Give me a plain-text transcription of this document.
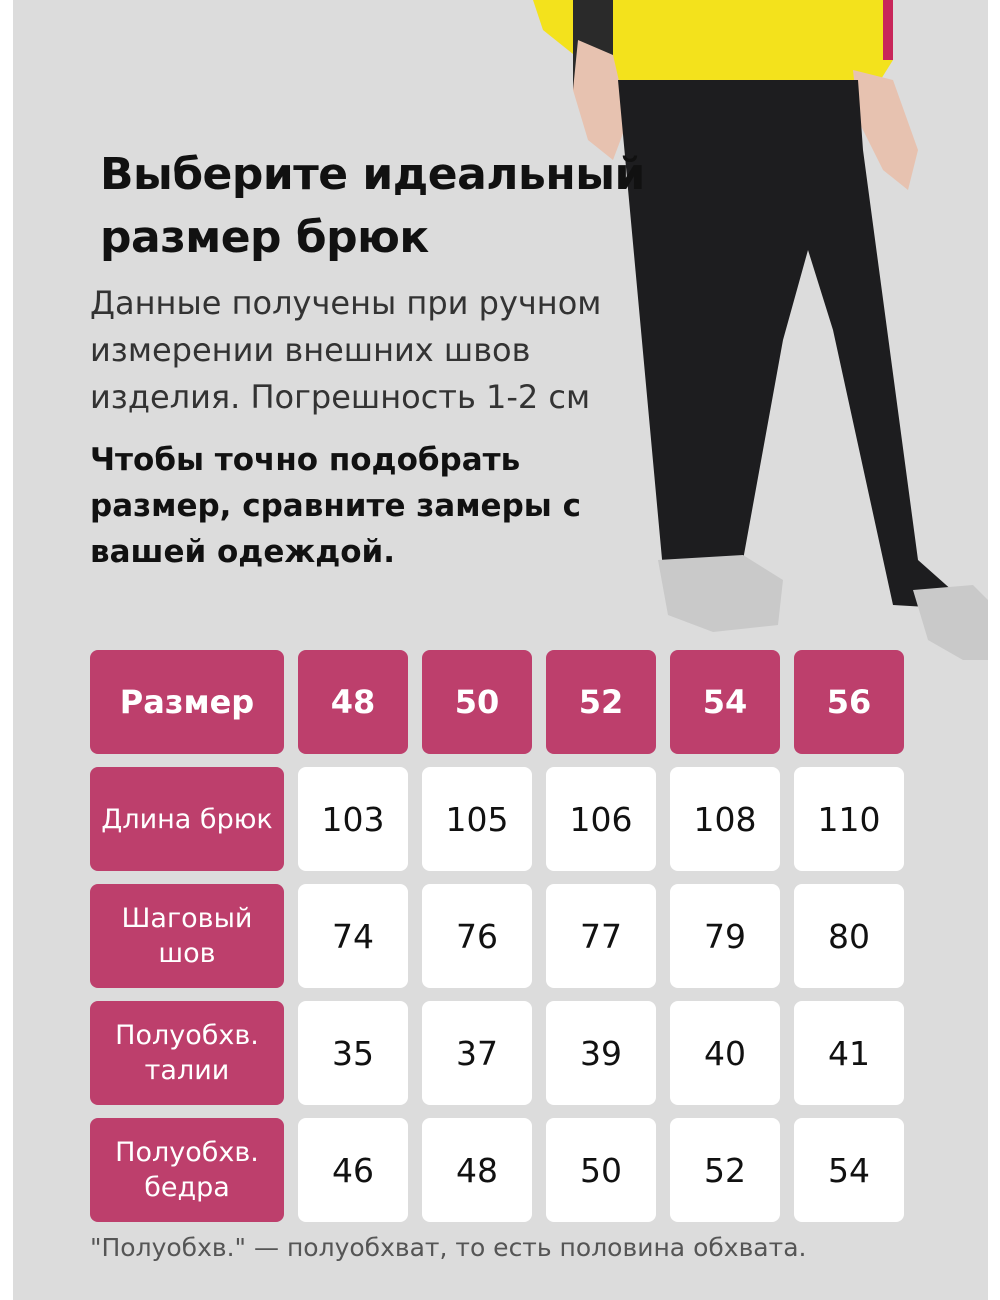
Выберите идеальный размер брюк

Данные получены при ручном измерении внешних швов изделия. Погрешность 1-2 см

Чтобы точно подобрать размер, сравните замеры с вашей одеждой.

Размер	48	50	52	54	56
Длина брюк	103	105	106	108	110
Шаговый шов	74	76	77	79	80
Полуобхв. талии	35	37	39	40	41
Полуобхв. бедра	46	48	50	52	54

"Полуобхв." — полуобхват, то есть половина обхвата.
